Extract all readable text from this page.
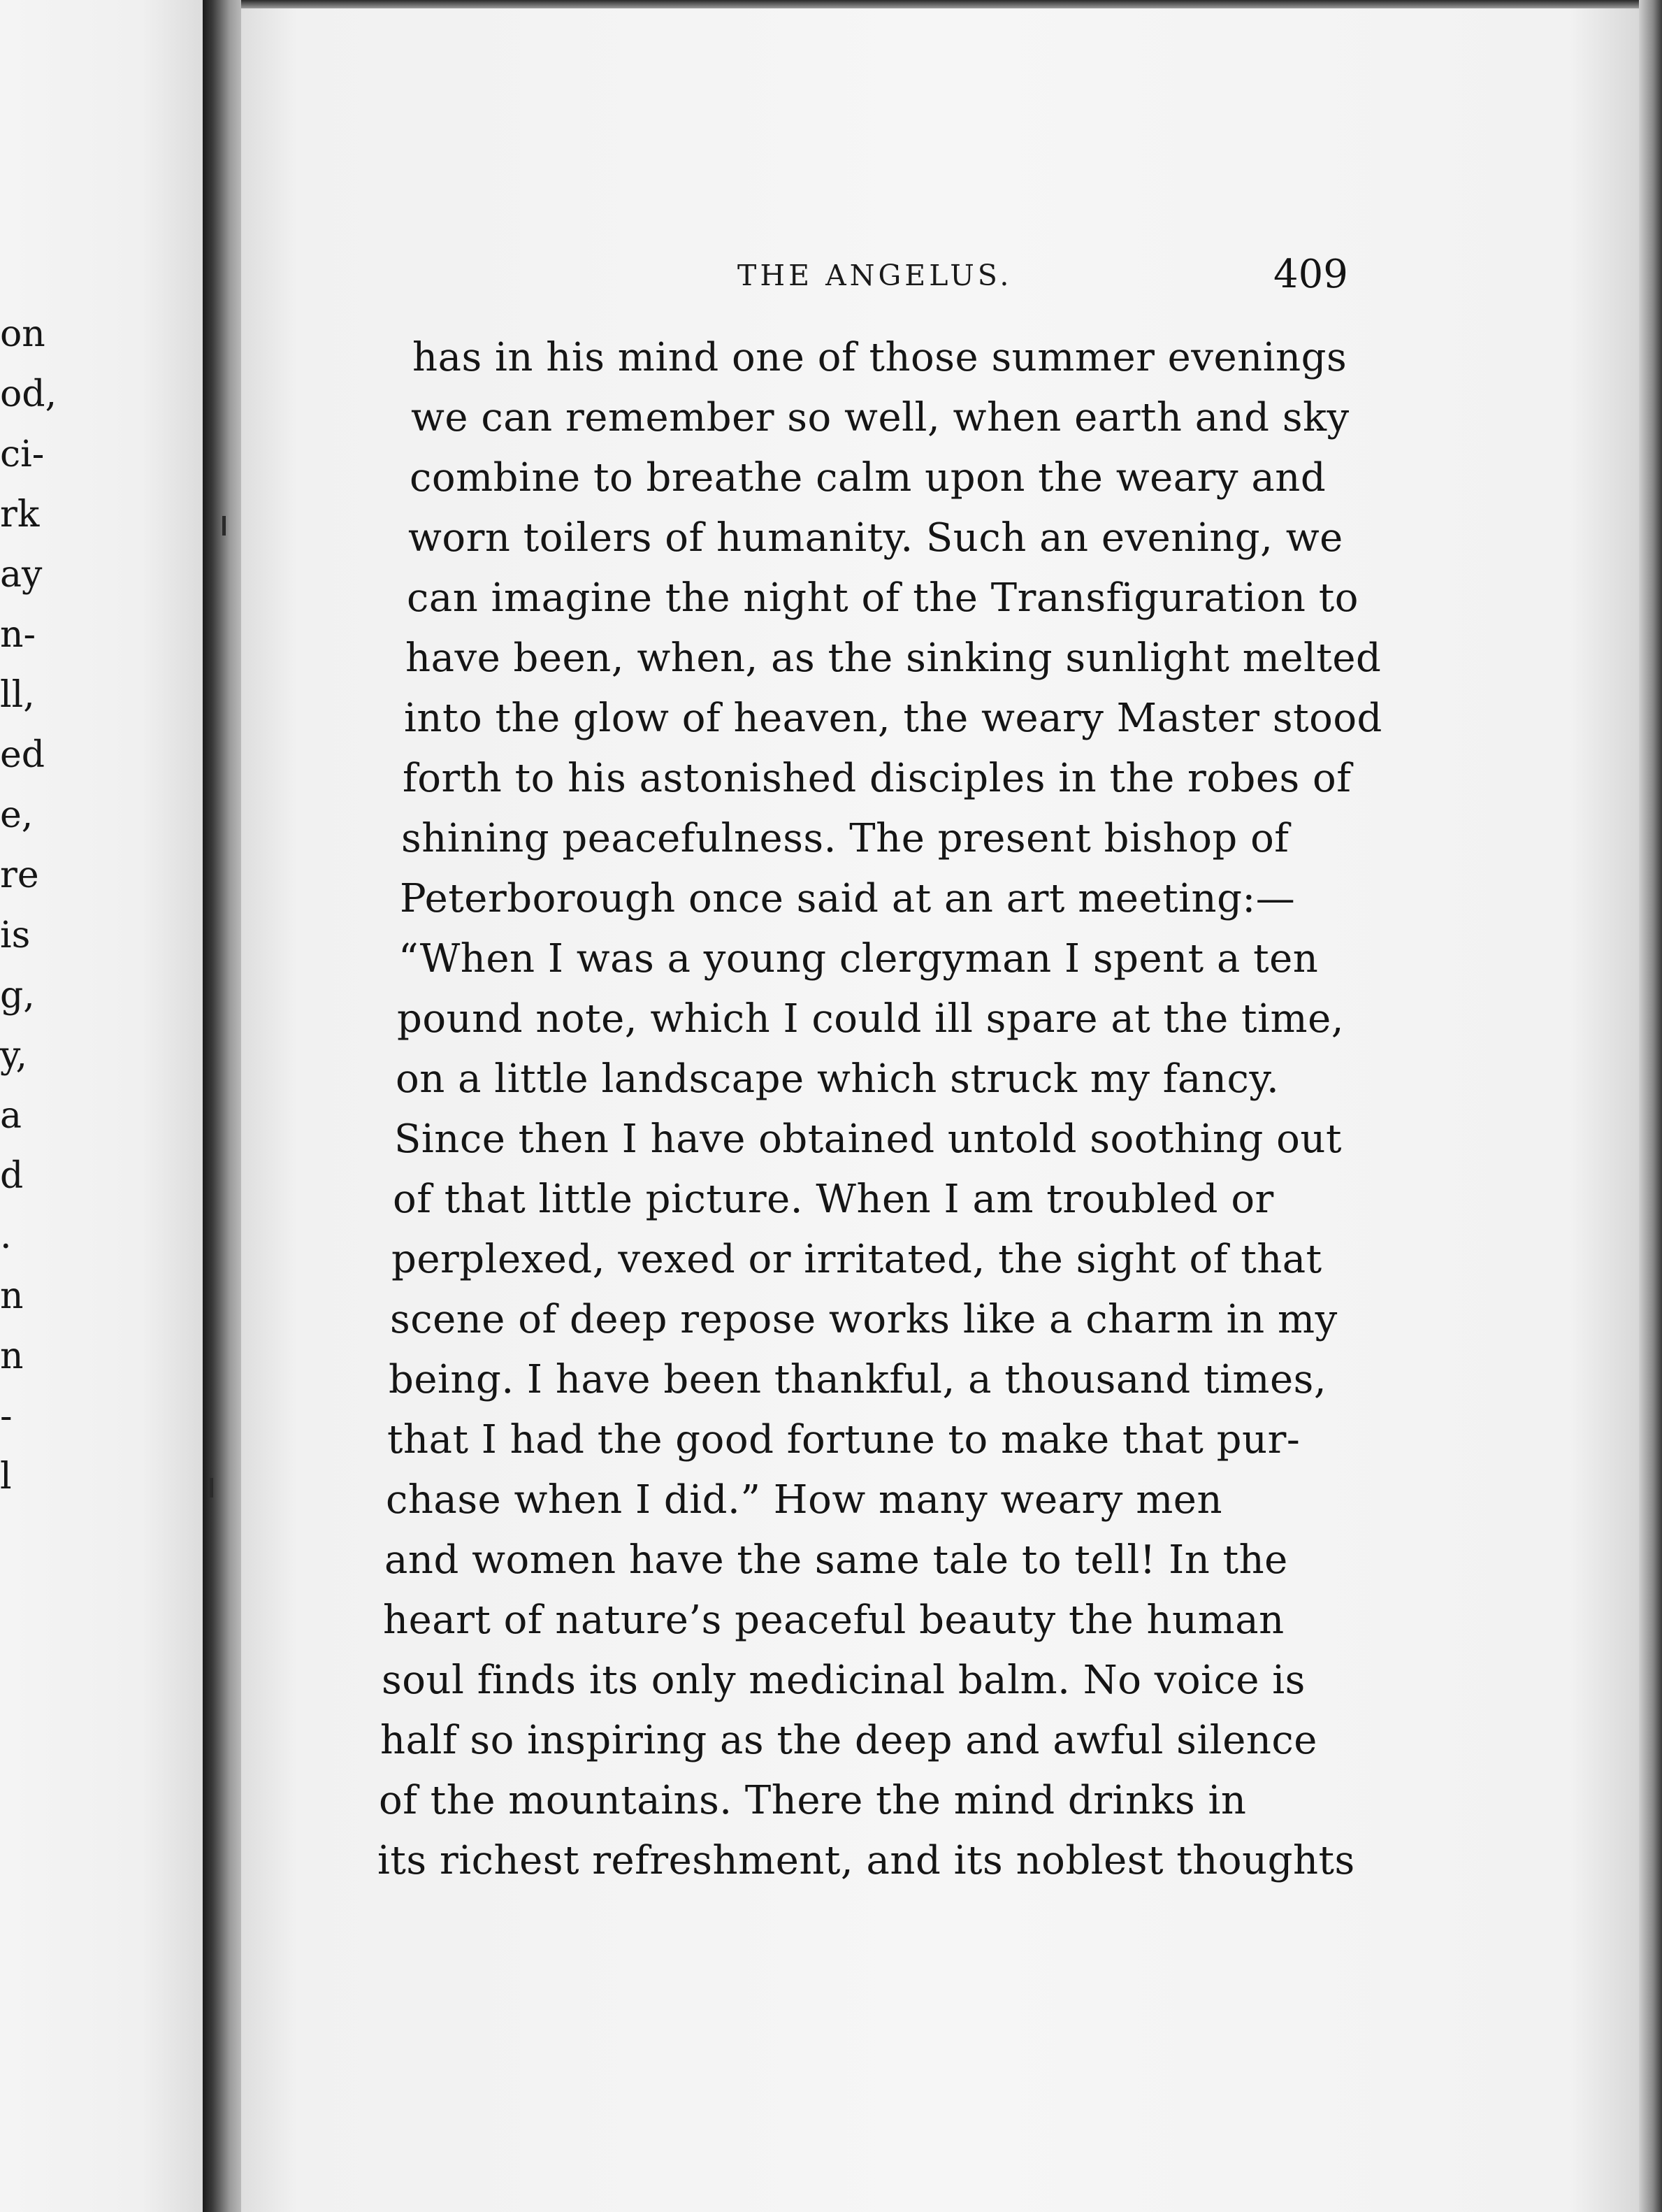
on
od,
ci-
rk
ay
n-
ll,
ed
e,
re
is
g,
y,
a
d
.
n
n
-
l
THE ANGELUS.	409
has in his mind one of those summer evenings
we can remember so well, when earth and sky
combine to breathe calm upon the weary and
worn toilers of humanity. Such an evening, we
can imagine the night of the Transfiguration to
have been, when, as the sinking sunlight melted
into the glow of heaven, the weary Master stood
forth to his astonished disciples in the robes of
shining peacefulness. The present bishop of
Peterborough once said at an art meeting:—
“When I was a young clergyman I spent a ten
pound note, which I could ill spare at the time,
on a little landscape which struck my fancy.
Since then I have obtained untold soothing out
of that little picture. When I am troubled or
perplexed, vexed or irritated, the sight of that
scene of deep repose works like a charm in my
being. I have been thankful, a thousand times,
that I had the good fortune to make that pur-
chase when I did.” How many weary men
and women have the same tale to tell! In the
heart of nature’s peaceful beauty the human
soul finds its only medicinal balm. No voice is
half so inspiring as the deep and awful silence
of the mountains. There the mind drinks in
its richest refreshment, and its noblest thoughts
